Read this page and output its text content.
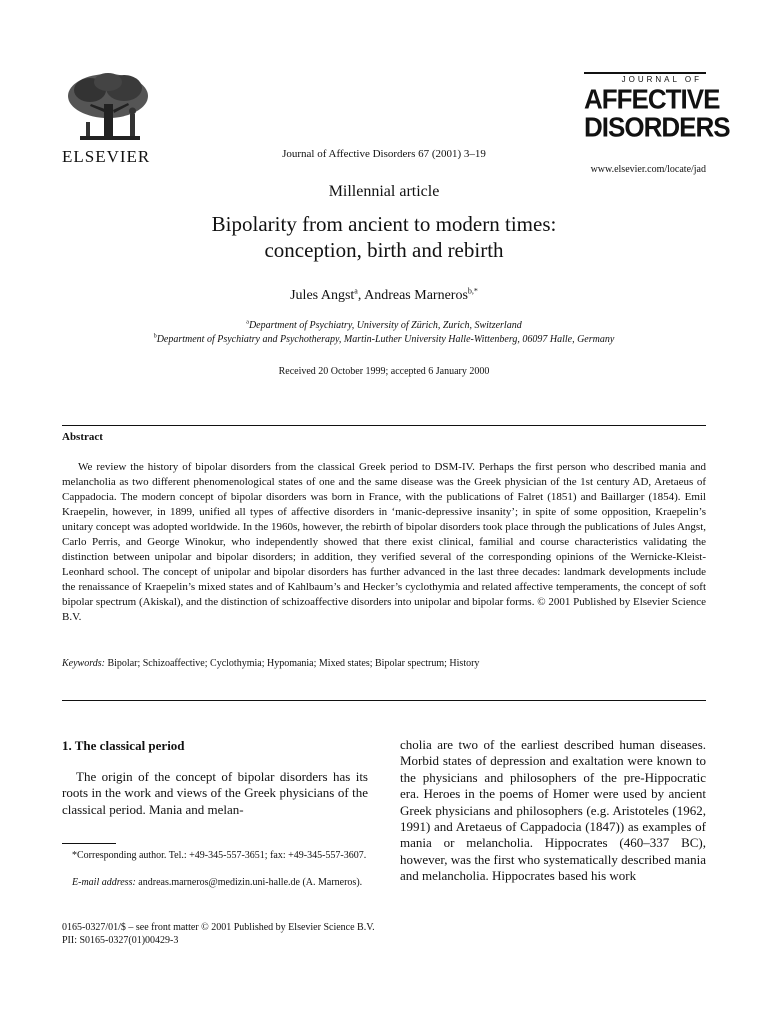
ELSEVIER	Journal of Affective Disorders 67 (2001) 3–19
JOURNAL OF
AFFECTIVE
DISORDERS
www.elsevier.com/locate/jad
Millennial article
Bipolarity from ancient to modern times:
conception, birth and rebirth
Jules Angst$^a$, Andreas Marneros$^{b,*}$
$^a$Department of Psychiatry, University of Zürich, Zurich, Switzerland
$^b$Department of Psychiatry and Psychotherapy, Martin-Luther University Halle-Wittenberg, 06097 Halle, Germany
Received 20 October 1999; accepted 6 January 2000
Abstract
We review the history of bipolar disorders from the classical Greek period to DSM-IV. Perhaps the first person who described mania and melancholia as two different phenomenological states of one and the same disease was the Greek physician of the 1st century AD, Aretaeus of Cappadocia. The modern concept of bipolar disorders was born in France, with the publications of Falret (1851) and Baillarger (1854). Emil Kraepelin, however, in 1899, unified all types of affective disorders in ‘manic-depressive insanity’; in spite of some opposition, Kraepelin’s unitary concept was adopted worldwide. In the 1960s, however, the rebirth of bipolar disorders took place through the publications of Jules Angst, Carlo Perris, and George Winokur, who independently showed that there exist clinical, familial and course characteristics validating the distinction between unipolar and bipolar disorders; in addition, they verified several of the corresponding opinions of the Wernicke-Kleist-Leonhard school. The concept of unipolar and bipolar disorders has further advanced in the last three decades: landmark developments include the renaissance of Kraepelin’s mixed states and of Kahlbaum’s and Hecker’s cyclothymia and related affective temperaments, the concept of soft bipolar spectrum (Akiskal), and the distinction of schizoaffective disorders into unipolar and bipolar forms. © 2001 Published by Elsevier Science B.V.
Keywords: Bipolar; Schizoaffective; Cyclothymia; Hypomania; Mixed states; Bipolar spectrum; History
1. The classical period

The origin of the concept of bipolar disorders has its roots in the work and views of the Greek physicians of the classical period. Mania and melan-

cholia are two of the earliest described human diseases. Morbid states of depression and exaltation were known to the physicians and philosophers of the pre-Hippocratic era. Heroes in the poems of Homer were used by ancient Greek physicians and philosophers (e.g. Aristoteles (1962, 1991) and Aretaeus of Cappadocia (1847)) as examples of mania or melancholia. Hippocrates (460–337 BC), however, was the first who systematically described mania and melancholia. Hippocrates based his work

*Corresponding author. Tel.: +49-345-557-3651; fax: +49-345-557-3607.
E-mail address: andreas.marneros@medizin.uni-halle.de (A. Marneros).
0165-0327/01/$ – see front matter © 2001 Published by Elsevier Science B.V.
PII: S0165-0327(01)00429-3
